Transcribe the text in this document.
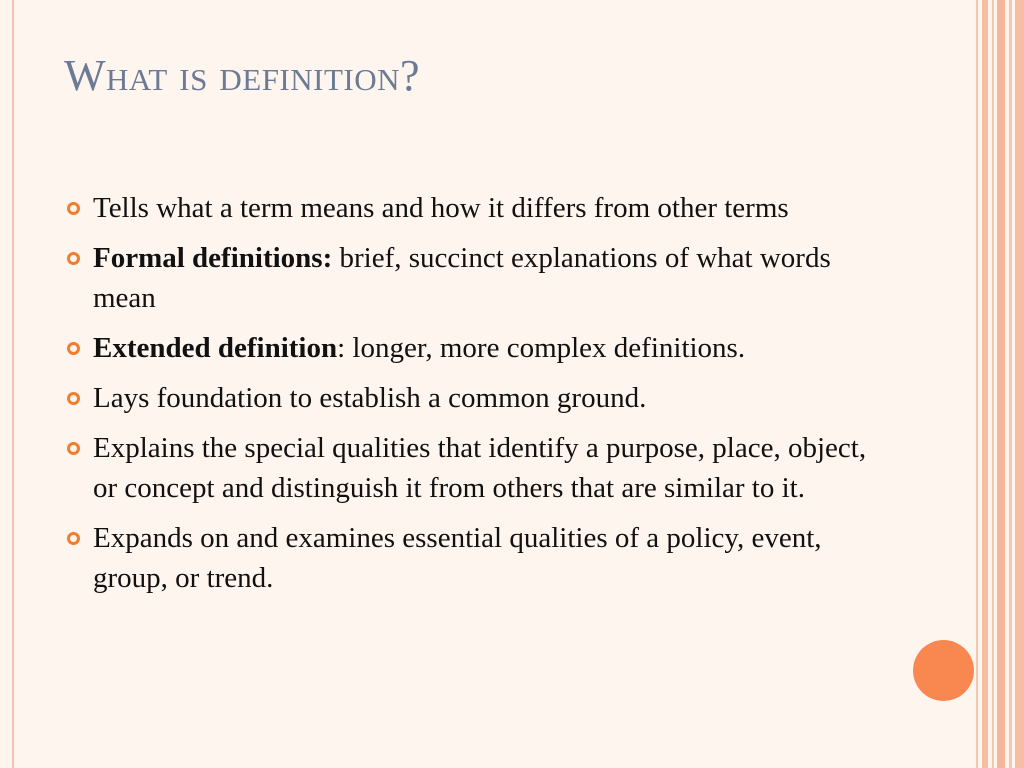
What is definition?
Tells what a term means and how it differs from other terms
Formal definitions: brief, succinct explanations of what words mean
Extended definition: longer, more complex definitions.
Lays foundation to establish a common ground.
Explains the special qualities that identify a purpose, place, object, or concept and distinguish it from others that are similar to it.
Expands on and examines essential qualities of a policy, event, group, or trend.
